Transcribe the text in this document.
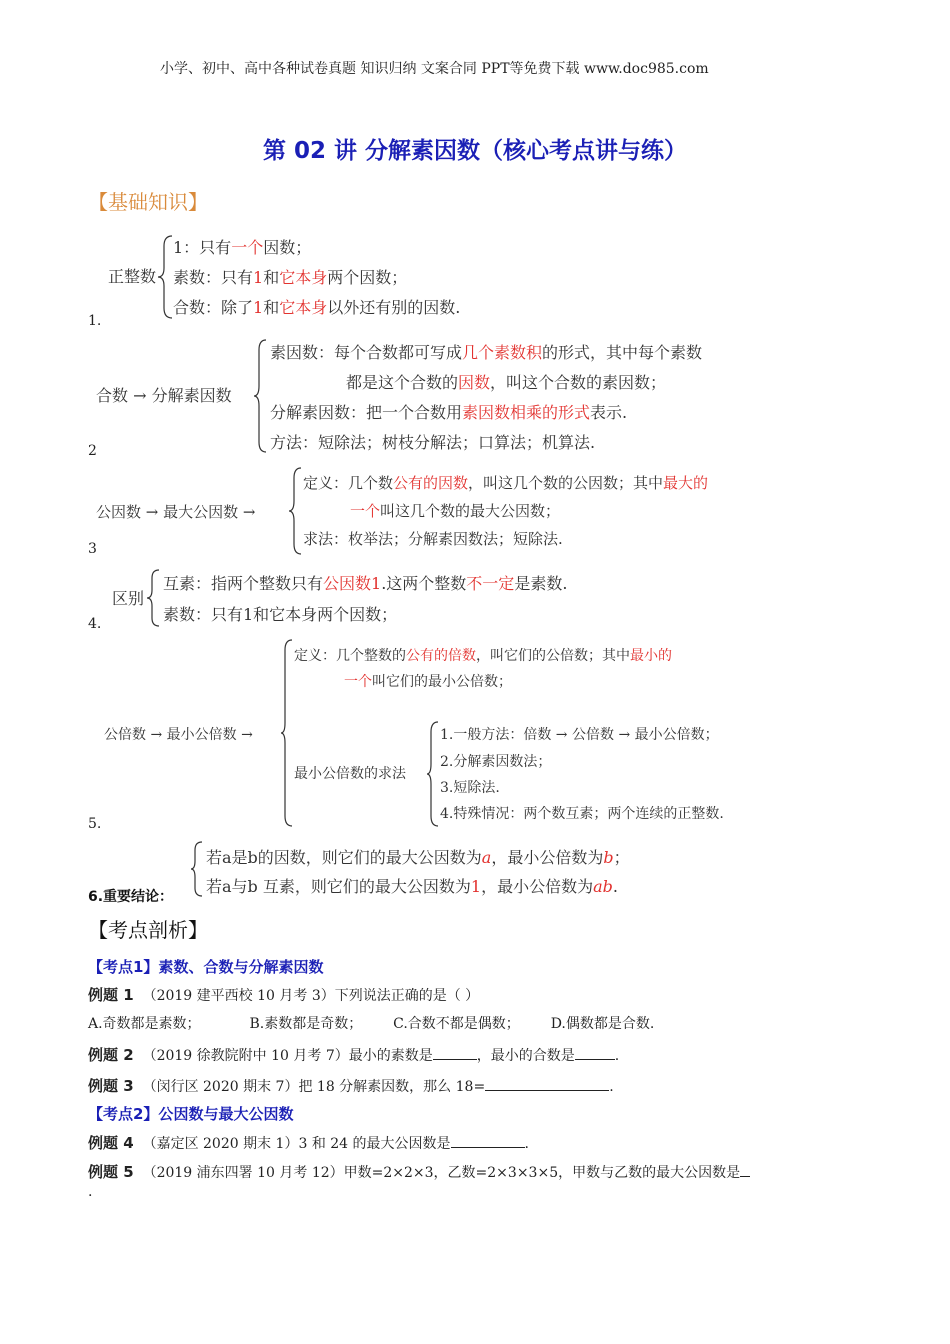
小学、初中、高中各种试卷真题 知识归纳 文案合同 PPT等免费下载 www.doc985.com
第 02 讲 分解素因数（核心考点讲与练）
【基础知识】
正整数
1：只有一个因数；
素数：只有1和它本身两个因数；
合数：除了1和它本身以外还有别的因数.
1.
合数 → 分解素因数
素因数：每个合数都可写成几个素数积的形式，其中每个素数
都是这个合数的因数，叫这个合数的素因数；
分解素因数：把一个合数用素因数相乘的形式表示.
方法：短除法；树枝分解法；口算法；机算法.
2
公因数 → 最大公因数 →
定义：几个数公有的因数，叫这几个数的公因数；其中最大的
一个叫这几个数的最大公因数；
求法：枚举法；分解素因数法；短除法.
3
区别
互素：指两个整数只有公因数1.这两个整数不一定是素数.
素数：只有1和它本身两个因数；
4.
公倍数 → 最小公倍数 →
定义：几个整数的公有的倍数，叫它们的公倍数；其中最小的
一个叫它们的最小公倍数；
最小公倍数的求法
1.一般方法：倍数 → 公倍数 → 最小公倍数；
2.分解素因数法；
3.短除法.
4.特殊情况：两个数互素；两个连续的正整数.
5.
若a是b的因数，则它们的最大公因数为a，最小公倍数为b；
若a与b 互素，则它们的最大公因数为1，最小公倍数为ab.
6.重要结论：
【考点剖析】
【考点1】素数、合数与分解素因数
例题 1 （2019 建平西校 10 月考 3）下列说法正确的是（ ）
A.奇数都是素数；	B.素数都是奇数； C.合数不都是偶数； D.偶数都是合数.
例题 2 （2019 徐教院附中 10 月考 7）最小的素数是	，最小的合数是	.
例题 3 （闵行区 2020 期末 7）把 18 分解素因数，那么 18=	.
【考点2】公因数与最大公因数
例题 4 （嘉定区 2020 期末 1）3 和 24 的最大公因数是	.
例题 5 （2019 浦东四署 10 月考 12）甲数=2×2×3，乙数=2×3×3×5，甲数与乙数的最大公因数是
.
